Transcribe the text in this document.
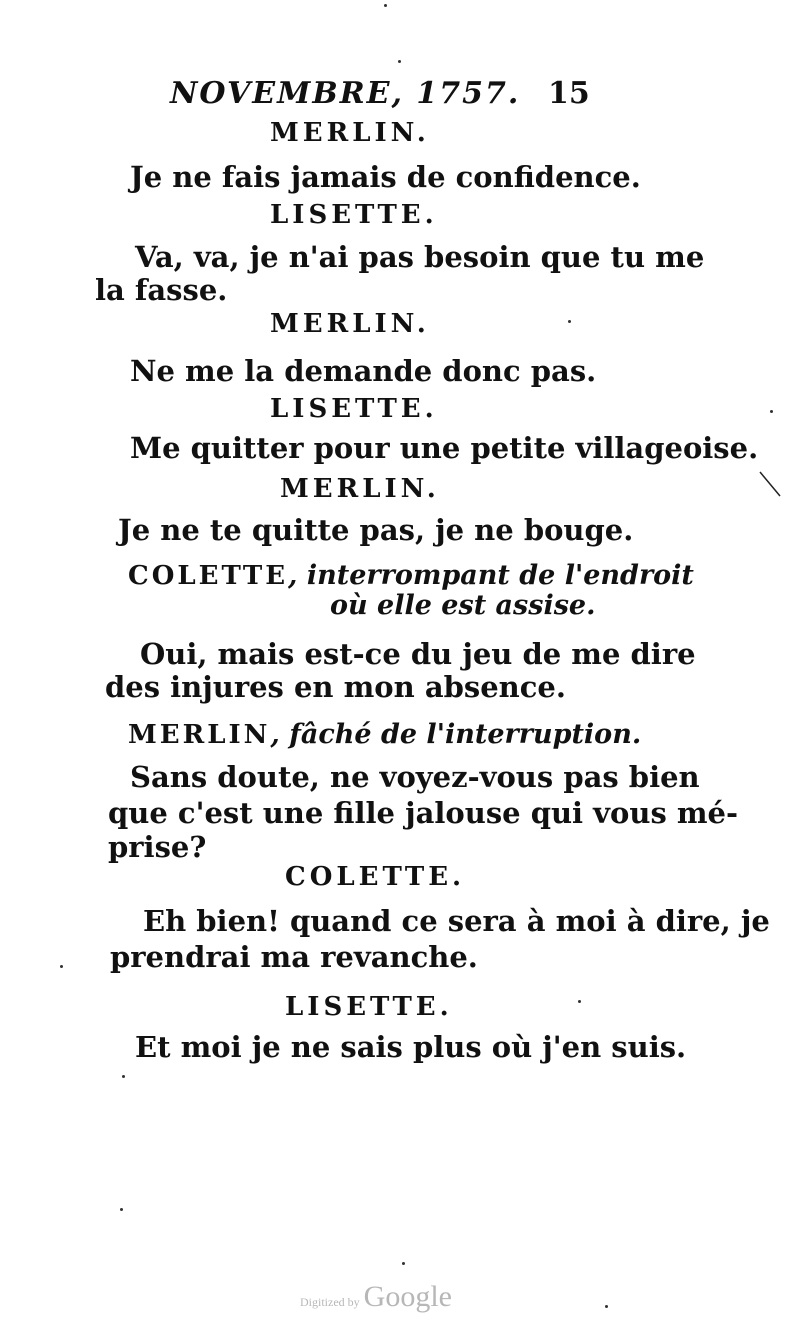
NOVEMBRE, 1757. 15
MERLIN.
Je ne fais jamais de confidence.
LISETTE.
Va, va, je n'ai pas besoin que tu me
la fasse.
MERLIN.
Ne me la demande donc pas.
LISETTE.
Me quitter pour une petite villageoise.
MERLIN.
Je ne te quitte pas, je ne bouge.
COLETTE, interrompant de l'endroit
où elle est assise.
Oui, mais est-ce du jeu de me dire
des injures en mon absence.
MERLIN, fâché de l'interruption.
Sans doute, ne voyez-vous pas bien
que c'est une fille jalouse qui vous mé-
prise?
COLETTE.
Eh bien! quand ce sera à moi à dire, je
prendrai ma revanche.
LISETTE.
Et moi je ne sais plus où j'en suis.
Digitized by Google
